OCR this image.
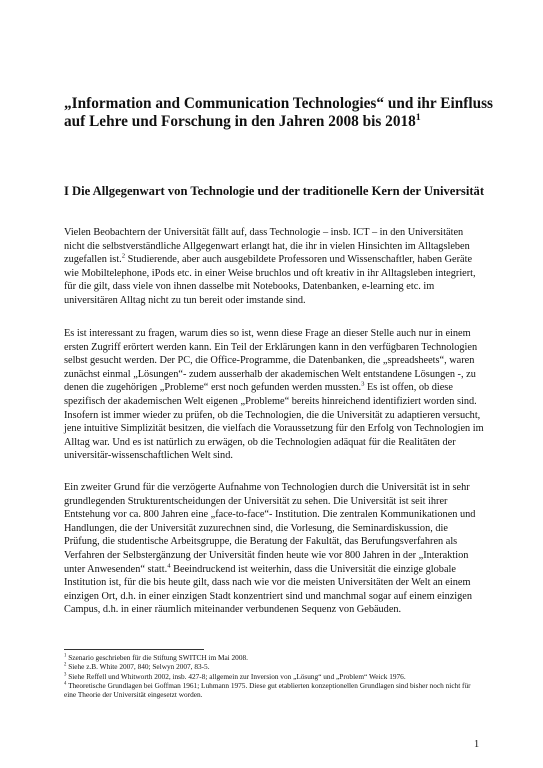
„Information and Communication Technologies“ und ihr Einfluss auf Lehre und Forschung in den Jahren 2008 bis 2018$^1$
I Die Allgegenwart von Technologie und der traditionelle Kern der Universität

Vielen Beobachtern der Universität fällt auf, dass Technologie – insb. ICT – in den Universitäten nicht die selbstverständliche Allgegenwart erlangt hat, die ihr in vielen Hinsichten im Alltagsleben zugefallen ist.$^2$ Studierende, aber auch ausgebildete Professoren und Wissenschaftler, haben Geräte wie Mobiltelephone, iPods etc. in einer Weise bruchlos und oft kreativ in ihr Alltagsleben integriert, für die gilt, dass viele von ihnen dasselbe mit Notebooks, Datenbanken, e-learning etc. im universitären Alltag nicht zu tun bereit oder imstande sind.

Es ist interessant zu fragen, warum dies so ist, wenn diese Frage an dieser Stelle auch nur in einem ersten Zugriff erörtert werden kann. Ein Teil der Erklärungen kann in den verfügbaren Technologien selbst gesucht werden. Der PC, die Office-Programme, die Datenbanken, die „spreadsheets“, waren zunächst einmal „Lösungen“- zudem ausserhalb der akademischen Welt entstandene Lösungen -, zu denen die zugehörigen „Probleme“ erst noch gefunden werden mussten.$^3$ Es ist offen, ob diese spezifisch der akademischen Welt eigenen „Probleme“ bereits hinreichend identifiziert worden sind. Insofern ist immer wieder zu prüfen, ob die Technologien, die die Universität zu adaptieren versucht, jene intuitive Simplizität besitzen, die vielfach die Voraussetzung für den Erfolg von Technologien im Alltag war. Und es ist natürlich zu erwägen, ob die Technologien adäquat für die Realitäten der universitär-wissenschaftlichen Welt sind.

Ein zweiter Grund für die verzögerte Aufnahme von Technologien durch die Universität ist in sehr grundlegenden Strukturentscheidungen der Universität zu sehen. Die Universität ist seit ihrer Entstehung vor ca. 800 Jahren eine „face-to-face“- Institution. Die zentralen Kommunikationen und Handlungen, die der Universität zuzurechnen sind, die Vorlesung, die Seminardiskussion, die Prüfung, die studentische Arbeitsgruppe, die Beratung der Fakultät, das Berufungsverfahren als Verfahren der Selbstergänzung der Universität finden heute wie vor 800 Jahren in der „Interaktion unter Anwesenden“ statt.$^4$ Beeindruckend ist weiterhin, dass die Universität die einzige globale Institution ist, für die bis heute gilt, dass nach wie vor die meisten Universitäten der Welt an einem einzigen Ort, d.h. in einer einzigen Stadt konzentriert sind und manchmal sogar auf einem einzigen Campus, d.h. in einer räumlich miteinander verbundenen Sequenz von Gebäuden.

$^1$ Szenario geschrieben für die Stiftung SWITCH im Mai 2008.

$^2$ Siehe z.B. White 2007, 840; Selwyn 2007, 83-5.

$^3$ Siehe Reffell und Whitworth 2002, insb. 427-8; allgemein zur Inversion von „Lösung“ und „Problem“ Weick 1976.

$^4$ Theoretische Grundlagen bei Goffman 1961; Luhmann 1975. Diese gut etablierten konzeptionellen Grundlagen sind bisher noch nicht für eine Theorie der Universität eingesetzt worden.

1
